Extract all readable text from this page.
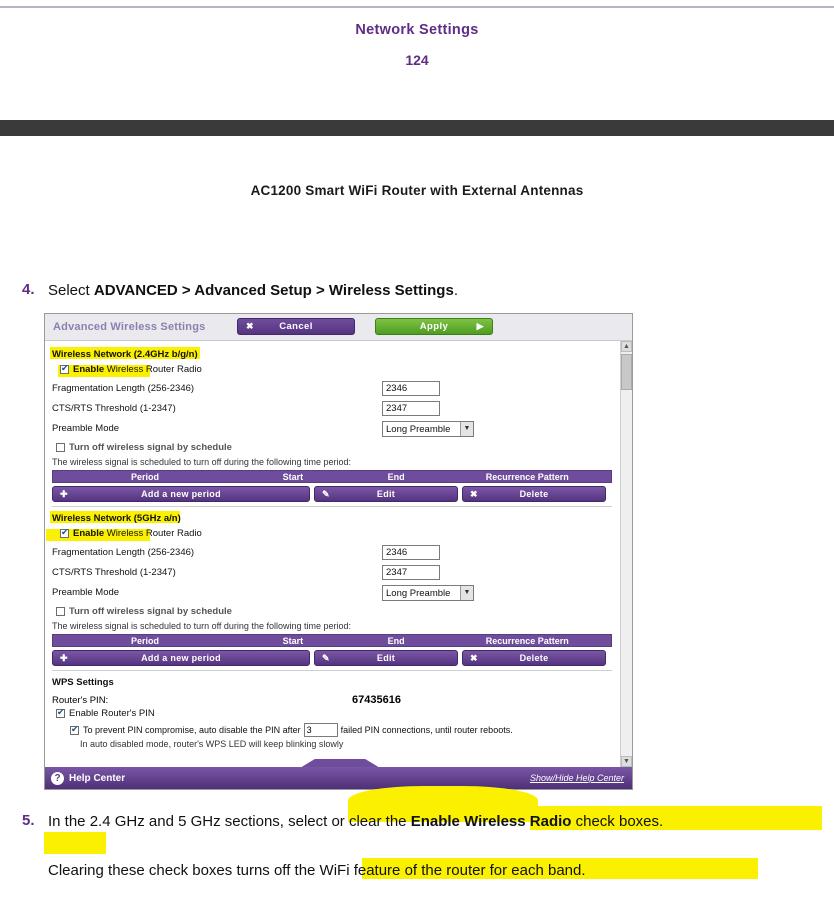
Network Settings
124
AC1200 Smart WiFi Router with External Antennas
4. Select ADVANCED > Advanced Setup > Wireless Settings.
Advanced Wireless Settings	✖	Cancel	Apply	▶
▲
▼
Wireless Network (2.4GHz b/g/n)
✔
Enable Wireless Router Radio
Fragmentation Length (256-2346)	2346
CTS/RTS Threshold (1-2347)	2347
Preamble Mode	Long Preamble	▼
Turn off wireless signal by schedule
The wireless signal is scheduled to turn off during the following time period:
Period	Start	End	Recurrence Pattern
✚	Add a new period	✎	Edit	✖	Delete
Wireless Network (5GHz a/n)
✔
Enable Wireless Router Radio
Fragmentation Length (256-2346)	2346
CTS/RTS Threshold (1-2347)	2347
Preamble Mode	Long Preamble	▼
Turn off wireless signal by schedule
The wireless signal is scheduled to turn off during the following time period:
Period	Start	End	Recurrence Pattern
✚	Add a new period	✎	Edit	✖	Delete
WPS Settings
Router's PIN:	67435616
✔
Enable Router's PIN
✔
To prevent PIN compromise, auto disable the PIN after 3	failed PIN connections, until router reboots.
In auto disabled mode, router's WPS LED will keep blinking slowly
? Help Center	Show/Hide Help Center
5. In the 2.4 GHz and 5 GHz sections, select or clear the Enable Wireless Radio check boxes.
Clearing these check boxes turns off the WiFi feature of the router for each band.
